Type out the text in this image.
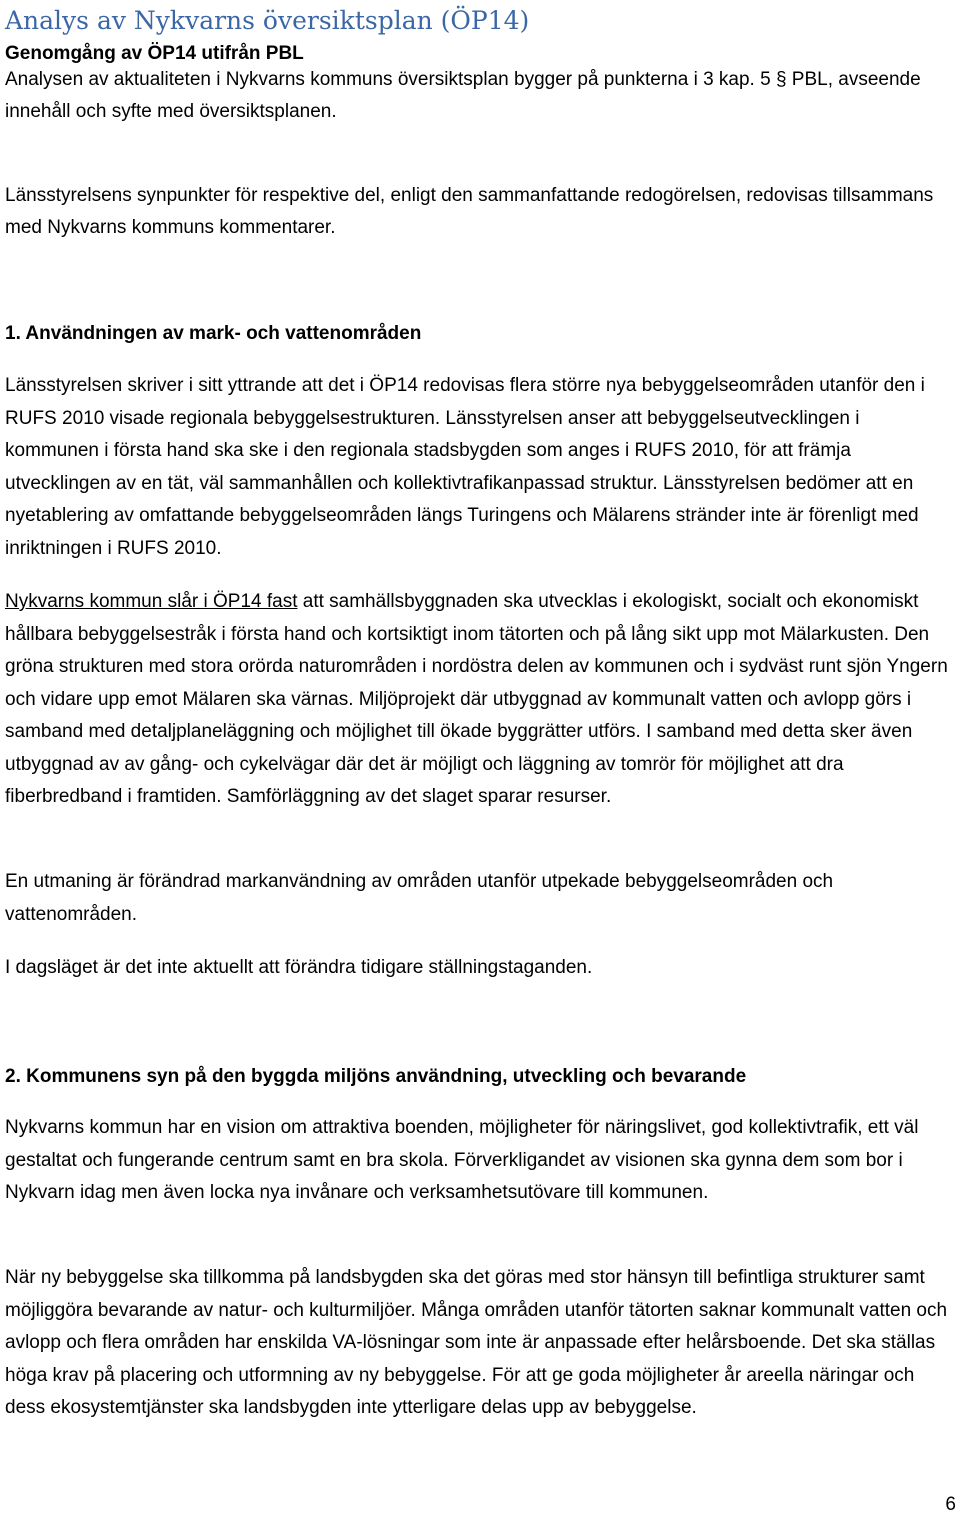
Analys av Nykvarns översiktsplan (ÖP14)
Genomgång av ÖP14 utifrån PBL

Analysen av aktualiteten i Nykvarns kommuns översiktsplan bygger på punkterna i 3 kap. 5 § PBL, avseende innehåll och syfte med översiktsplanen.

Länsstyrelsens synpunkter för respektive del, enligt den sammanfattande redogörelsen, redovisas tillsammans med Nykvarns kommuns kommentarer.

1. Användningen av mark- och vattenområden

Länsstyrelsen skriver i sitt yttrande att det i ÖP14 redovisas flera större nya bebyggelseområden utanför den i RUFS 2010 visade regionala bebyggelsestrukturen. Länsstyrelsen anser att bebyggelseutvecklingen i kommunen i första hand ska ske i den regionala stadsbygden som anges i RUFS 2010, för att främja utvecklingen av en tät, väl sammanhållen och kollektivtrafikanpassad struktur. Länsstyrelsen bedömer att en nyetablering av omfattande bebyggelseområden längs Turingens och Mälarens stränder inte är förenligt med inriktningen i RUFS 2010.

Nykvarns kommun slår i ÖP14 fast att samhällsbyggnaden ska utvecklas i ekologiskt, socialt och ekonomiskt hållbara bebyggelsestråk i första hand och kortsiktigt inom tätorten och på lång sikt upp mot Mälarkusten. Den gröna strukturen med stora orörda naturområden i nordöstra delen av kommunen och i sydväst runt sjön Yngern och vidare upp emot Mälaren ska värnas. Miljöprojekt där utbyggnad av kommunalt vatten och avlopp görs i samband med detaljplaneläggning och möjlighet till ökade byggrätter utförs. I samband med detta sker även utbyggnad av av gång- och cykelvägar där det är möjligt och läggning av tomrör för möjlighet att dra fiberbredband i framtiden. Samförläggning av det slaget sparar resurser.

En utmaning är förändrad markanvändning av områden utanför utpekade bebyggelseområden och vattenområden.

I dagsläget är det inte aktuellt att förändra tidigare ställningstaganden.

2. Kommunens syn på den byggda miljöns användning, utveckling och bevarande

Nykvarns kommun har en vision om attraktiva boenden, möjligheter för näringslivet, god kollektivtrafik, ett väl gestaltat och fungerande centrum samt en bra skola. Förverkligandet av visionen ska gynna dem som bor i Nykvarn idag men även locka nya invånare och verksamhetsutövare till kommunen.

När ny bebyggelse ska tillkomma på landsbygden ska det göras med stor hänsyn till befintliga strukturer samt möjliggöra bevarande av natur- och kulturmiljöer. Många områden utanför tätorten saknar kommunalt vatten och avlopp och flera områden har enskilda VA-lösningar som inte är anpassade efter helårsboende. Det ska ställas höga krav på placering och utformning av ny bebyggelse. För att ge goda möjligheter år areella näringar och dess ekosystemtjänster ska landsbygden inte ytterligare delas upp av bebyggelse.

6
